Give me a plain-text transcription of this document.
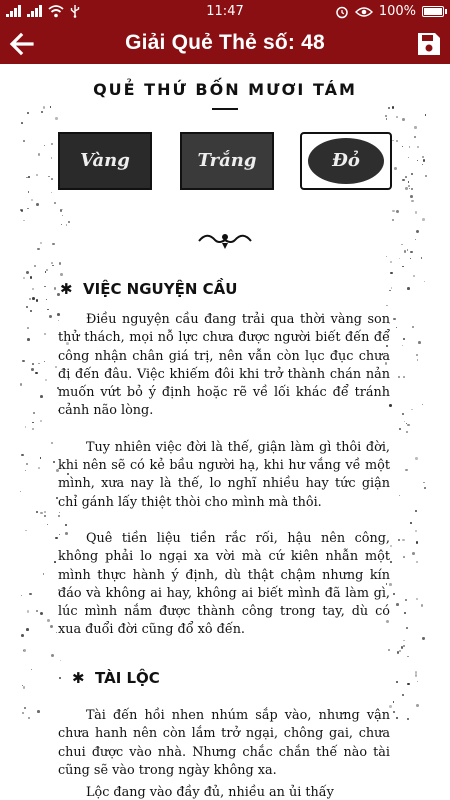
11:47	100%
Giải Quẻ Thẻ số: 48
QUẺ THỨ BỐN MƯƠI TÁM
Vàng	Trắng	Đỏ
✱  VIỆC NGUYỆN CẦU

Điều nguyện cầu đang trải qua thời vàng son thử thách, mọi nỗ lực chưa được người biết đến để công nhận chân giá trị, nên vẫn còn lục đục chưa đi đến đâu. Việc khiếm đôi khi trở thành chán nản muốn vứt bỏ ý định hoặc rẽ về lối khác để tránh cảnh não lòng.

Tuy nhiên việc đời là thế, giận làm gì thôi đời, khi nên sẽ có kẻ bầu người hạ, khi hư vắng về một mình, xưa nay là thế, lo nghĩ nhiều hay tức giận chỉ gánh lấy thiệt thòi cho mình mà thôi.

Quê tiền liệu tiền rắc rối, hậu nên công, không phải lo ngại xa vời mà cứ kiên nhẫn một mình thực hành ý định, dù thật chậm nhưng kín đáo và không ai hay, không ai biết mình đã làm gì, lúc mình nắm được thành công trong tay, dù có xua đuổi đời cũng đổ xô đến.

✱  TÀI LỘC

Tài đến hồi nhen nhúm sắp vào, nhưng vận chưa hanh nên còn lắm trở ngại, chông gai, chưa chui được vào nhà. Nhưng chắc chắn thế nào tài cũng sẽ vào trong ngày không xa.

Lộc đang vào đầy đủ, nhiều an ủi thấy
